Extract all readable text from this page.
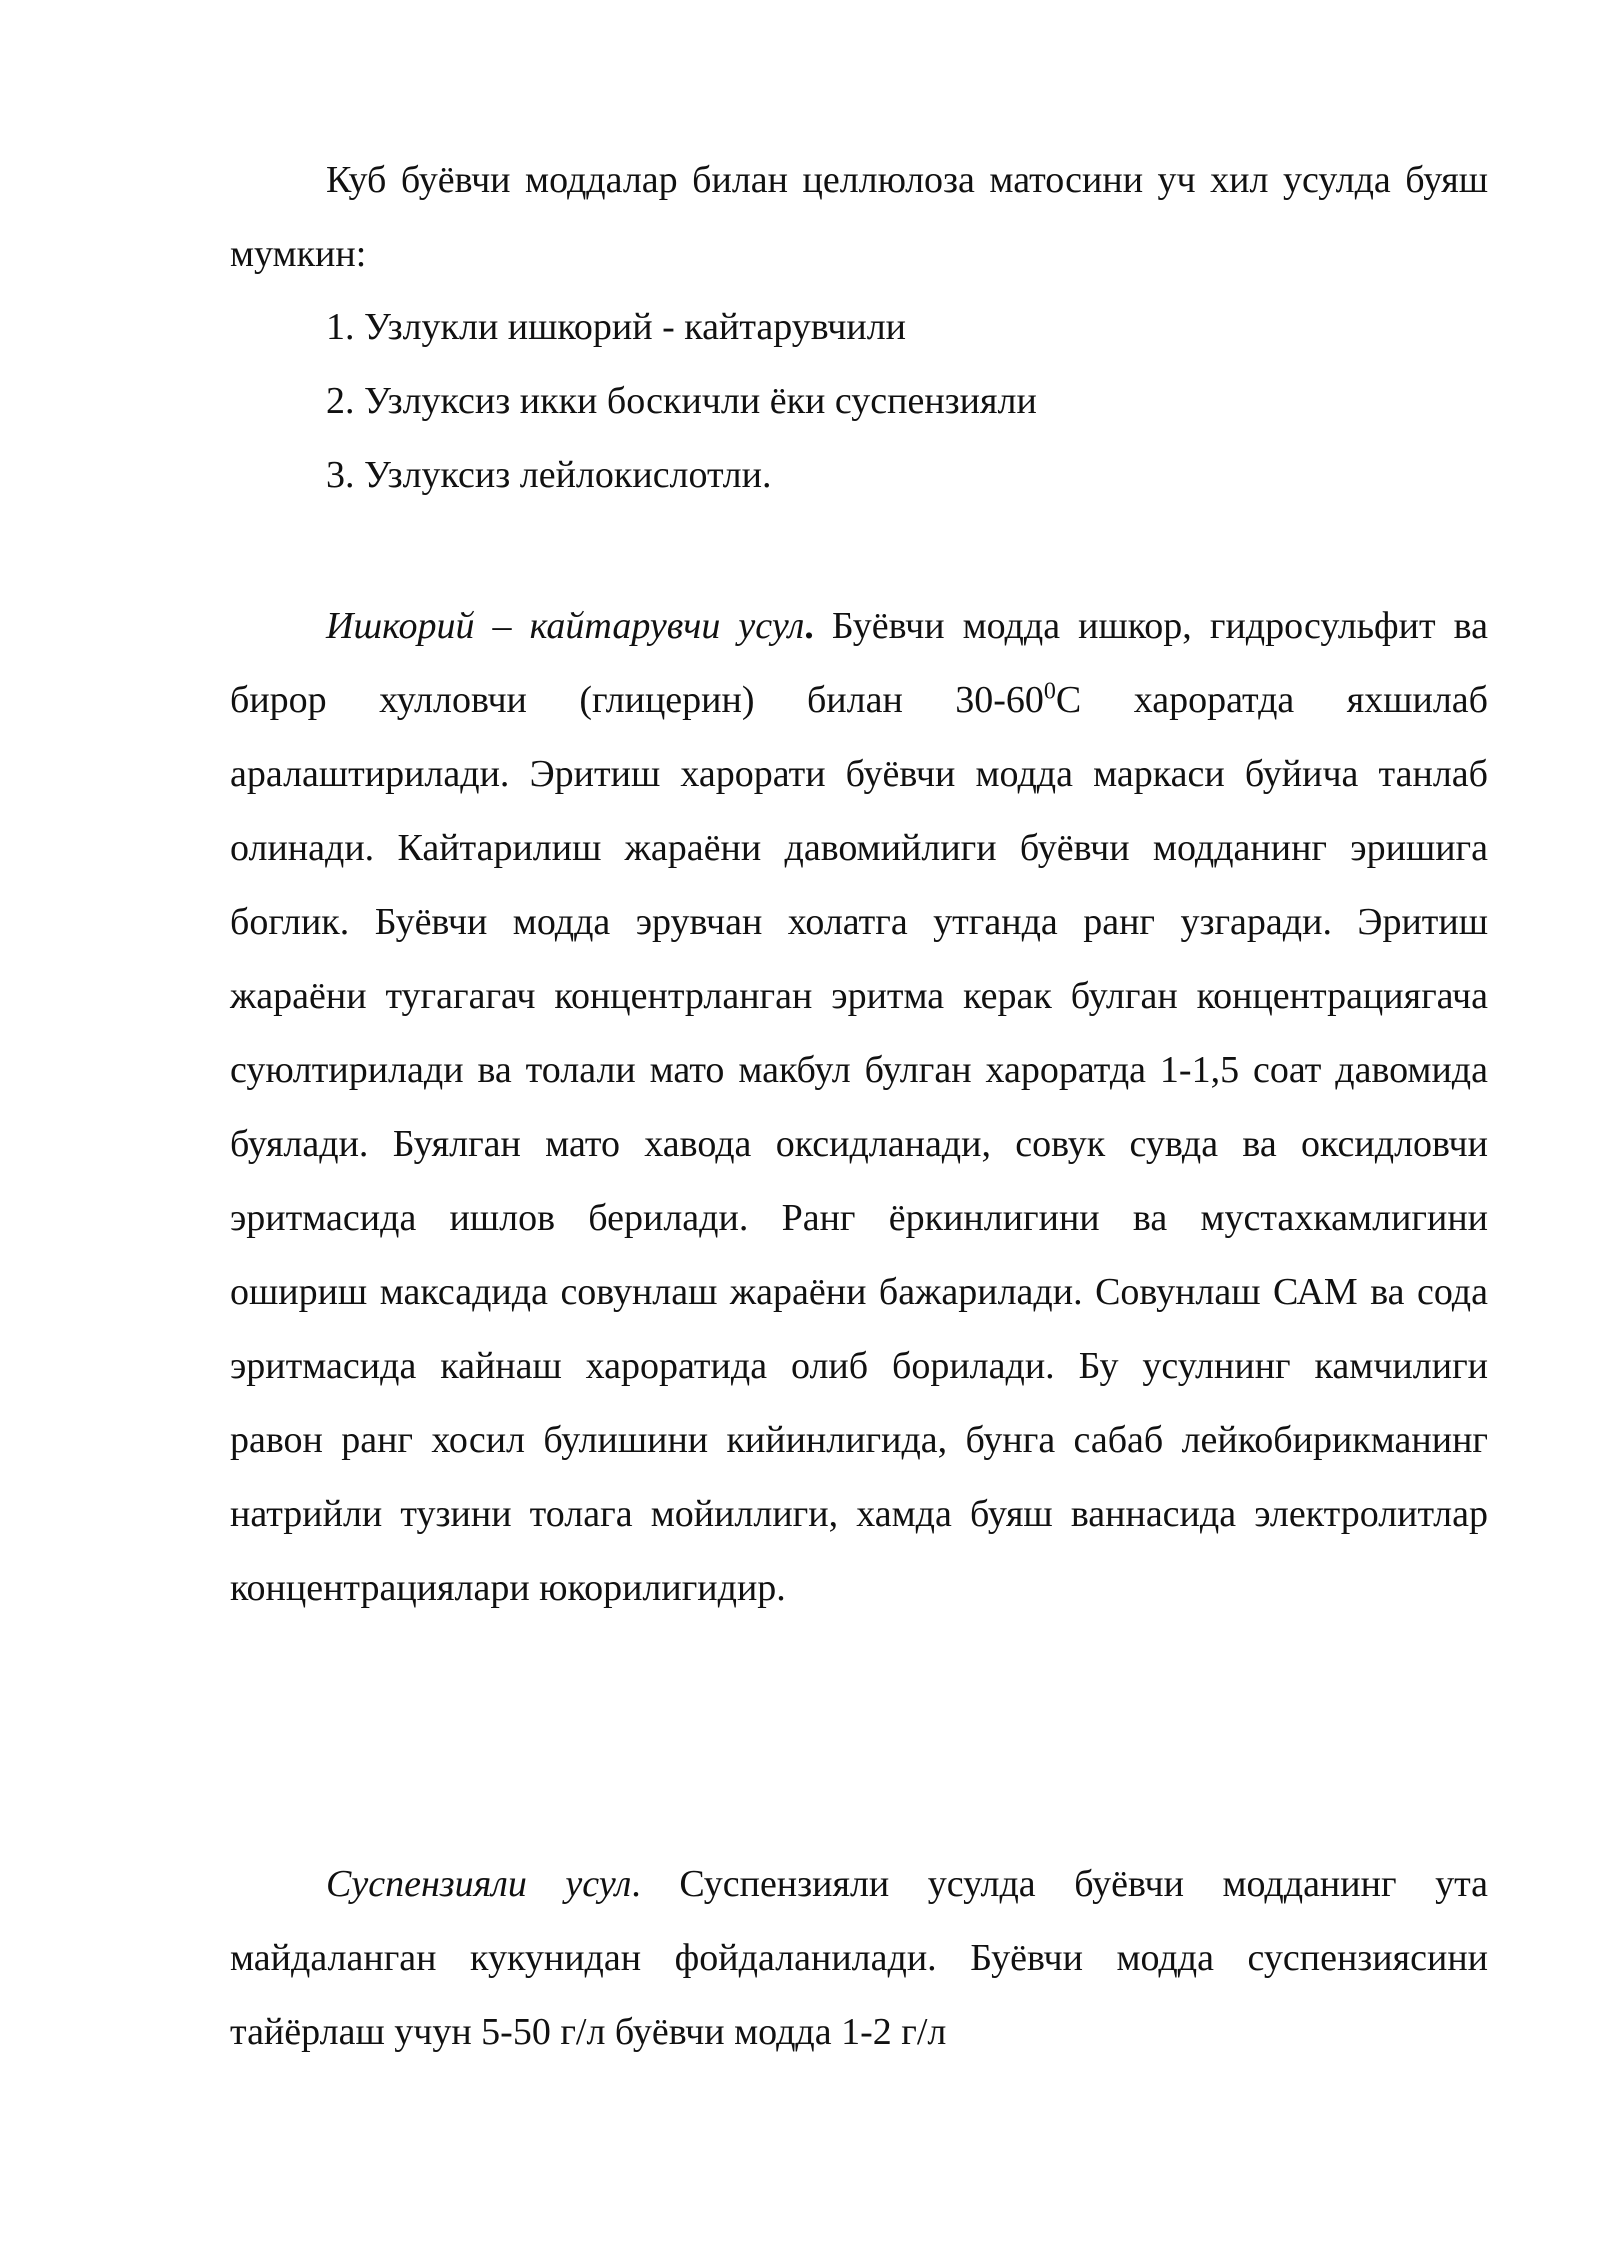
Куб буёвчи моддалар билан целлюлоза матосини уч хил усулда буяш мумкин:

1. Узлукли ишкорий - кайтарувчили
2. Узлуксиз икки боскичли ёки суспензияли
3. Узлуксиз лейлокислотли.

Ишкорий – кайтарувчи усул. Буёвчи модда ишкор, гидросульфит ва бирор хулловчи (глицерин) билан $30-60^0С$ хароратда яхшилаб аралаштирилади. Эритиш харорати буёвчи модда маркаси буйича танлаб олинади. Кайтарилиш жараёни давомийлиги буёвчи модданинг эришига боглик. Буёвчи модда эрувчан холатга утганда ранг узгаради. Эритиш жараёни тугагагач концентрланган эритма керак булган концентрациягача суюлтирилади ва толали мато макбул булган хароратда 1-1,5 соат давомида буялади. Буялган мато хавода оксидланади, совук сувда ва оксидловчи эритмасида ишлов берилади. Ранг ёркинлигини ва мустахкамлигини ошириш максадида совунлаш жараёни бажарилади. Совунлаш САМ ва сода эритмасида кайнаш хароратида олиб борилади. Бу усулнинг камчилиги равон ранг хосил булишини кийинлигида, бунга сабаб лейкобирикманинг натрийли тузини толага мойиллиги, хамда буяш ваннасида электролитлар концентрациялари юкорилигидир.

Суспензияли усул. Суспензияли усулда буёвчи модданинг ута майдаланган кукунидан фойдаланилади. Буёвчи модда суспензиясини тайёрлаш учун 5-50 г/л буёвчи модда 1-2 г/л
